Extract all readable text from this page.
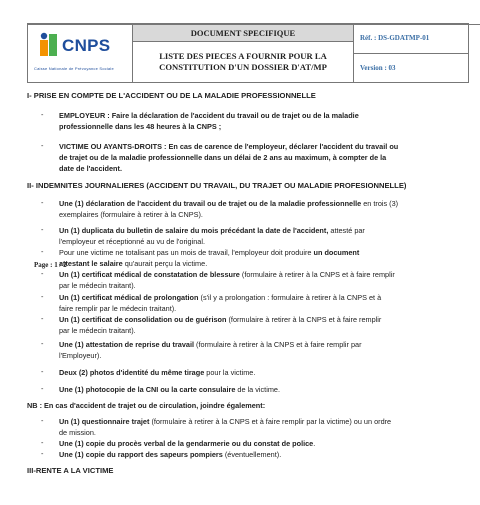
CNPS
Caisse Nationale de Prévoyance Sociale
DOCUMENT SPECIFIQUE
LISTE DES PIECES A FOURNIR POUR LA
CONSTITUTION D'UN DOSSIER D'AT/MP
Réf. : DS-GDATMP-01
Version : 03
Page : 1 / 2
I- PRISE EN COMPTE DE L'ACCIDENT OU DE LA MALADIE PROFESSIONNELLE
- EMPLOYEUR : Faire la déclaration de l'accident du travail ou de trajet ou de la maladie
professionnelle dans les 48 heures à la CNPS ;
- VICTIME OU AYANTS-DROITS : En cas de carence de l'employeur, déclarer l'accident du travail ou
de trajet ou de la maladie professionnelle dans un délai de 2 ans au maximum, à compter de la
date de l'accident.
II- INDEMNITES JOURNALIERES (ACCIDENT DU TRAVAIL, DU TRAJET OU MALADIE PROFESIONNELLE)
- Une (1) déclaration de l'accident du travail ou de trajet ou de la maladie professionnelle en trois (3)
exemplaires (formulaire à retirer à la CNPS).
- Un (1) duplicata du bulletin de salaire du mois précédant la date de l'accident, attesté par
l'employeur et réceptionné au vu de l'original.
- Pour une victime ne totalisant pas un mois de travail, l'employeur doit produire un document
attestant le salaire qu'aurait perçu la victime.
- Un (1) certificat médical de constatation de blessure (formulaire à retirer à la CNPS et à faire remplir
par le médecin traitant).
- Un (1) certificat médical de prolongation (s'il y a prolongation : formulaire à retirer à la CNPS et à
faire remplir par le médecin traitant).
- Un (1) certificat de consolidation ou de guérison (formulaire à retirer à la CNPS et à faire remplir
par le médecin traitant).
- Une (1) attestation de reprise du travail (formulaire à retirer à la CNPS et à faire remplir par
l'Employeur).
- Deux (2) photos d'identité du même tirage pour la victime.
- Une (1) photocopie de la CNI ou la carte consulaire de la victime.
NB : En cas d'accident de trajet ou de circulation, joindre également:
- Un (1) questionnaire trajet (formulaire à retirer à la CNPS et à faire remplir par la victime) ou un ordre
de mission.
- Une (1) copie du procès verbal de la gendarmerie ou du constat de police.
- Une (1) copie du rapport des sapeurs pompiers (éventuellement).
III-RENTE A LA VICTIME
